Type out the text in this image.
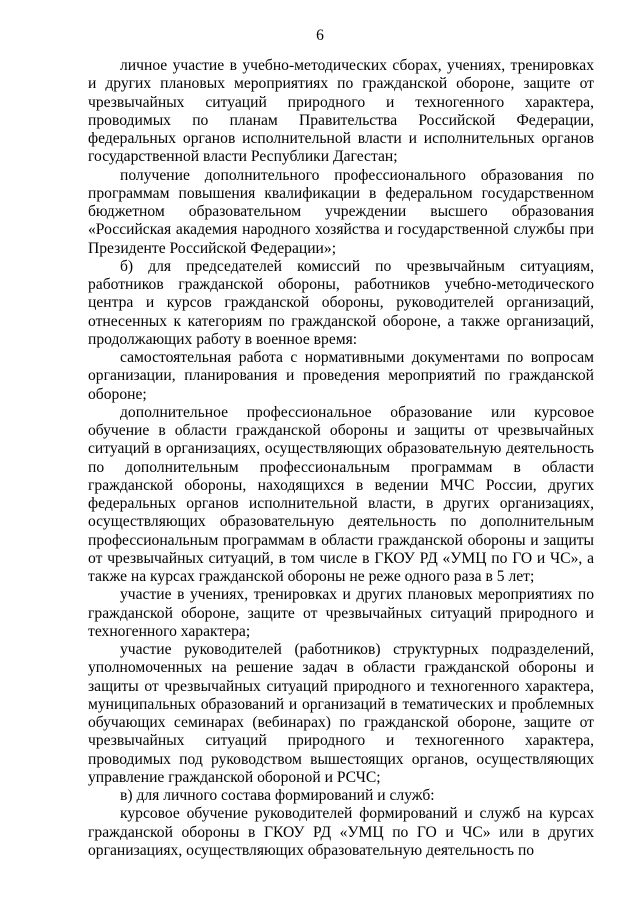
6

личное участие в учебно-методических сборах, учениях, тренировках и других плановых мероприятиях по гражданской обороне, защите от чрезвычайных ситуаций природного и техногенного характера, проводимых по планам Правительства Российской Федерации, федеральных органов исполнительной власти и исполнительных органов государственной власти Республики Дагестан;

получение дополнительного профессионального образования по программам повышения квалификации в федеральном государственном бюджетном образовательном учреждении высшего образования «Российская академия народного хозяйства и государственной службы при Президенте Российской Федерации»;

б) для председателей комиссий по чрезвычайным ситуациям, работников гражданской обороны, работников учебно-методического центра и курсов гражданской обороны, руководителей организаций, отнесенных к категориям по гражданской обороне, а также организаций, продолжающих работу в военное время:

самостоятельная работа с нормативными документами по вопросам организации, планирования и проведения мероприятий по гражданской обороне;

дополнительное профессиональное образование или курсовое обучение в области гражданской обороны и защиты от чрезвычайных ситуаций в организациях, осуществляющих образовательную деятельность по дополнительным профессиональным программам в области гражданской обороны, находящихся в ведении МЧС России, других федеральных органов исполнительной власти, в других организациях, осуществляющих образовательную деятельность по дополнительным профессиональным программам в области гражданской обороны и защиты от чрезвычайных ситуаций, в том числе в ГКОУ РД «УМЦ по ГО и ЧС», а также на курсах гражданской обороны не реже одного раза в 5 лет;

участие в учениях, тренировках и других плановых мероприятиях по гражданской обороне, защите от чрезвычайных ситуаций природного и техногенного характера;

участие руководителей (работников) структурных подразделений, уполномоченных на решение задач в области гражданской обороны и защиты от чрезвычайных ситуаций природного и техногенного характера, муниципальных образований и организаций в тематических и проблемных обучающих семинарах (вебинарах) по гражданской обороне, защите от чрезвычайных ситуаций природного и техногенного характера, проводимых под руководством вышестоящих органов, осуществляющих управление гражданской обороной и РСЧС;

в) для личного состава формирований и служб:

курсовое обучение руководителей формирований и служб на курсах гражданской обороны в ГКОУ РД «УМЦ по ГО и ЧС» или в других организациях, осуществляющих образовательную деятельность по
